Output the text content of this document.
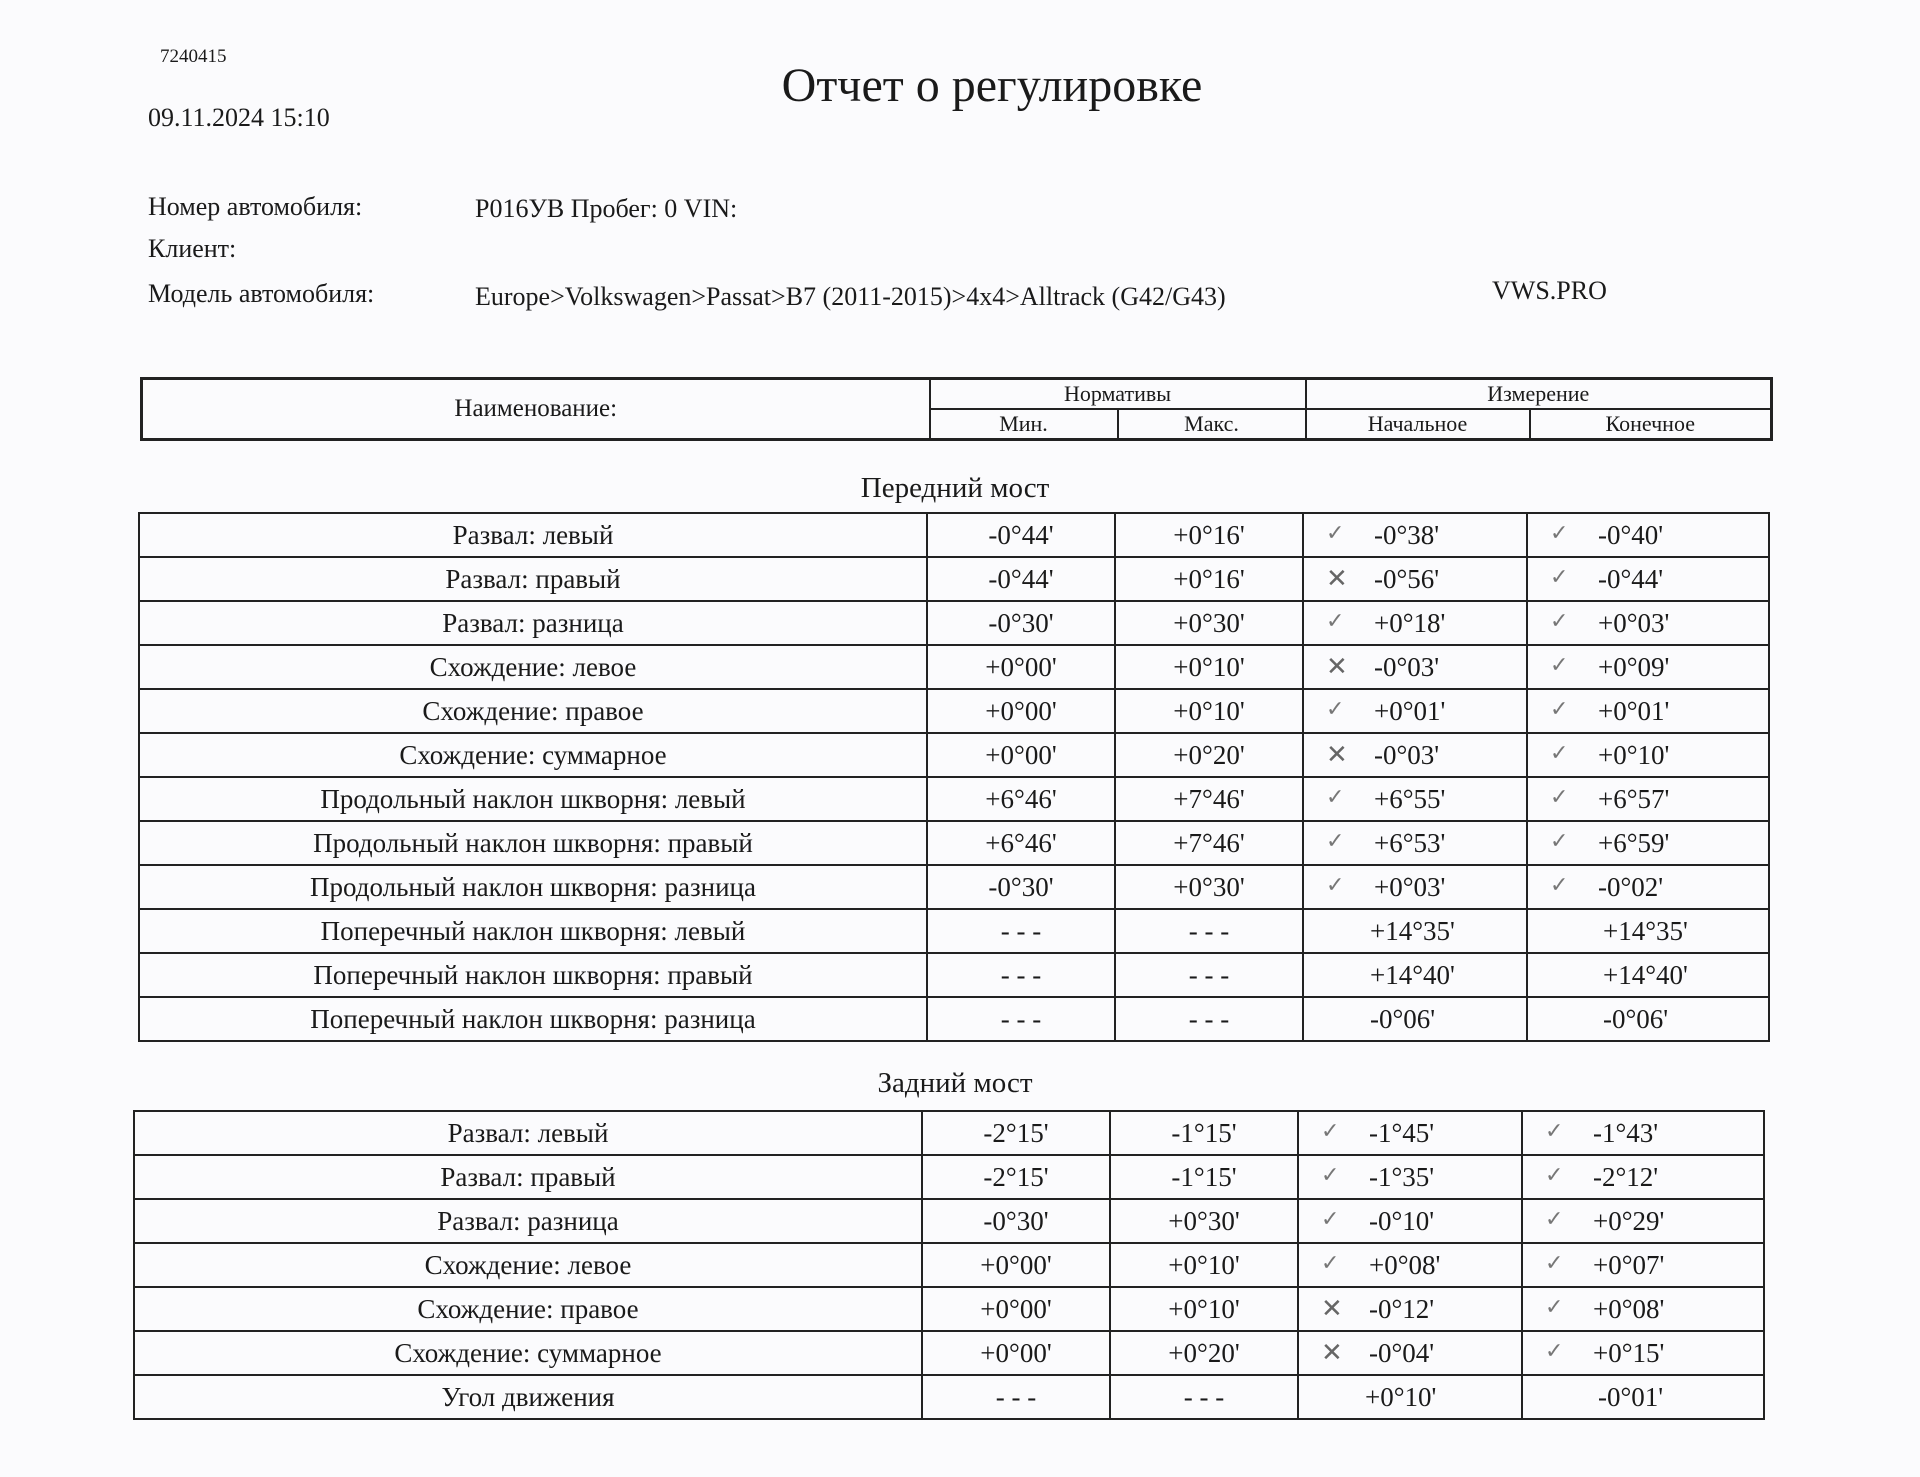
7240415
09.11.2024 15:10
Отчет о регулировке
Номер автомобиля:	Р016УВ Пробег: 0 VIN:
Клиент:
Модель автомобиля:	Europe>Volkswagen>Passat>B7 (2011-2015)>4x4>Alltrack (G42/G43)	VWS.PRO
Наименование:	Нормативы		Измерение	
	Мин.	Макс.	Начальное	Конечное
Передний мост
Развал: левый	-0°44'	+0°16'	✓ -0°38'	✓ -0°40'
Развал: правый	-0°44'	+0°16'	✕ -0°56'	✓ -0°44'
Развал: разница	-0°30'	+0°30'	✓ +0°18'	✓ +0°03'
Схождение: левое	+0°00'	+0°10'	✕ -0°03'	✓ +0°09'
Схождение: правое	+0°00'	+0°10'	✓ +0°01'	✓ +0°01'
Схождение: суммарное	+0°00'	+0°20'	✕ -0°03'	✓ +0°10'
Продольный наклон шкворня: левый	+6°46'	+7°46'	✓ +6°55'	✓ +6°57'
Продольный наклон шкворня: правый	+6°46'	+7°46'	✓ +6°53'	✓ +6°59'
Продольный наклон шкворня: разница	-0°30'	+0°30'	✓ +0°03'	✓ -0°02'
Поперечный наклон шкворня: левый	- - -	- - -	+14°35'	+14°35'
Поперечный наклон шкворня: правый	- - -	- - -	+14°40'	+14°40'
Поперечный наклон шкворня: разница	- - -	- - -	-0°06'	-0°06'
Задний мост
Развал: левый	-2°15'	-1°15'	✓ -1°45'	✓ -1°43'
Развал: правый	-2°15'	-1°15'	✓ -1°35'	✓ -2°12'
Развал: разница	-0°30'	+0°30'	✓ -0°10'	✓ +0°29'
Схождение: левое	+0°00'	+0°10'	✓ +0°08'	✓ +0°07'
Схождение: правое	+0°00'	+0°10'	✕ -0°12'	✓ +0°08'
Схождение: суммарное	+0°00'	+0°20'	✕ -0°04'	✓ +0°15'
Угол движения	- - -	- - -	+0°10'	-0°01'
